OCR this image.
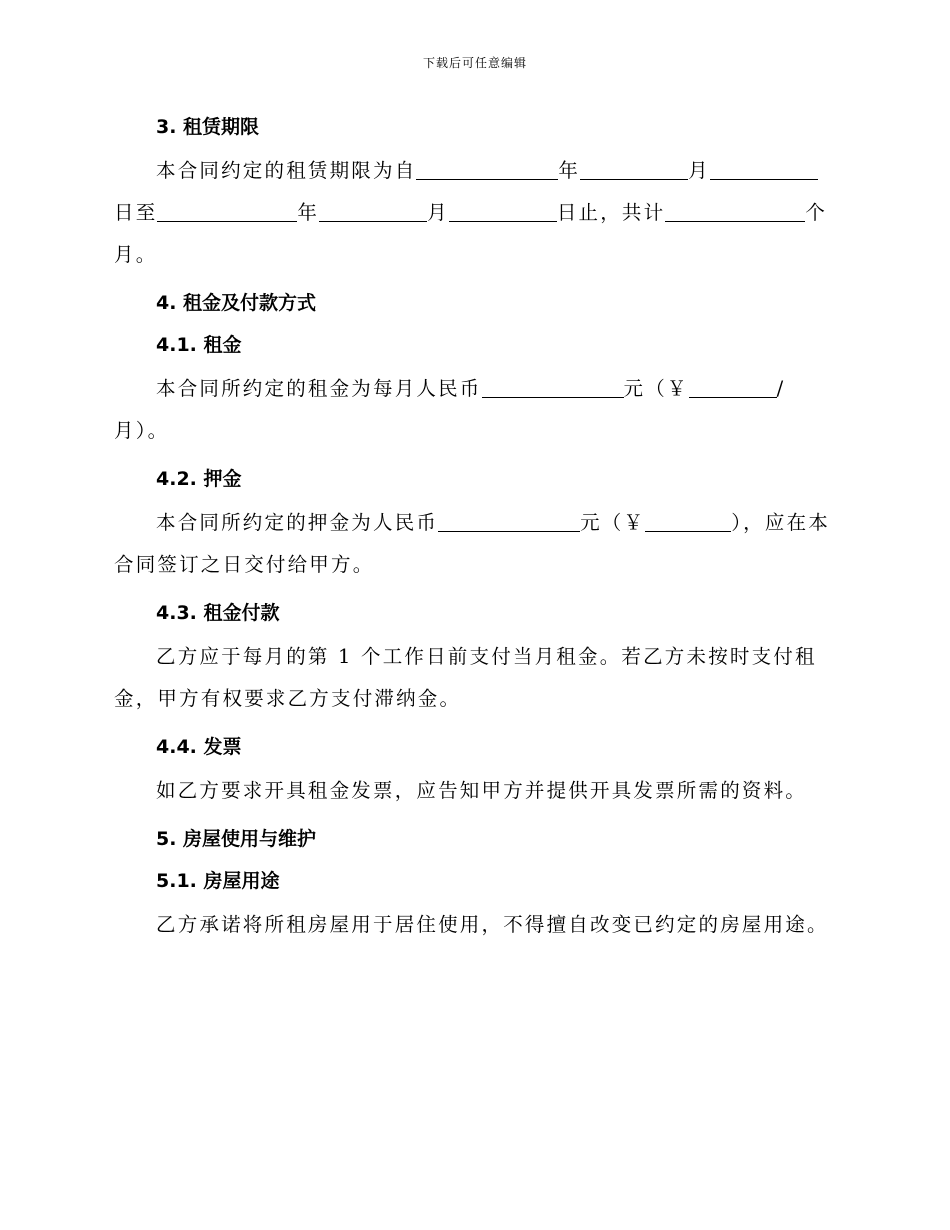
下载后可任意编辑
3. 租赁期限

本合同约定的租赁期限为自	年	月日至	年	月	日止，共计	个月。

4. 租金及付款方式
4.1. 租金

本合同所约定的租金为每月人民币	元（￥	/月）。

4.2. 押金

本合同所约定的押金为人民币	元（￥	），应在本合同签订之日交付给甲方。

4.3. 租金付款

乙方应于每月的第 1 个工作日前支付当月租金。若乙方未按时支付租金，甲方有权要求乙方支付滞纳金。

4.4. 发票

如乙方要求开具租金发票，应告知甲方并提供开具发票所需的资料。

5. 房屋使用与维护
5.1. 房屋用途

乙方承诺将所租房屋用于居住使用，不得擅自改变已约定的房屋用途。
